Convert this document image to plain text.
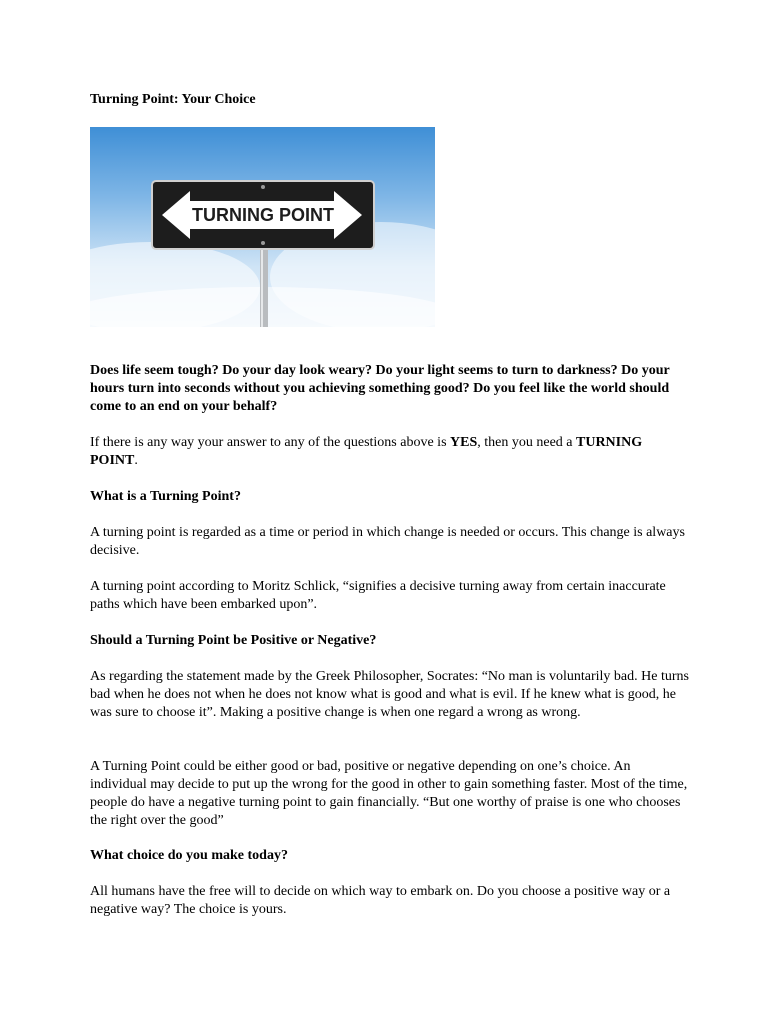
Turning Point: Your Choice
TURNING POINT

Does life seem tough? Do your day look weary? Do your light seems to turn to darkness? Do your hours turn into seconds without you achieving something good? Do you feel like the world should come to an end on your behalf?

If there is any way your answer to any of the questions above is YES, then you need a TURNING POINT.

What is a Turning Point?

A turning point is regarded as a time or period in which change is needed or occurs. This change is always decisive.

A turning point according to Moritz Schlick, “signifies a decisive turning away from certain inaccurate paths which have been embarked upon”.

Should a Turning Point be Positive or Negative?

As regarding the statement made by the Greek Philosopher, Socrates: “No man is voluntarily bad. He turns bad when he does not when he does not know what is good and what is evil. If he knew what is good, he was sure to choose it”. Making a positive change is when one regard a wrong as wrong.

A Turning Point could be either good or bad, positive or negative depending on one’s choice. An individual may decide to put up the wrong for the good in other to gain something faster. Most of the time, people do have a negative turning point to gain financially. “But one worthy of praise is one who chooses the right over the good”

What choice do you make today?

All humans have the free will to decide on which way to embark on. Do you choose a positive way or a negative way? The choice is yours.
